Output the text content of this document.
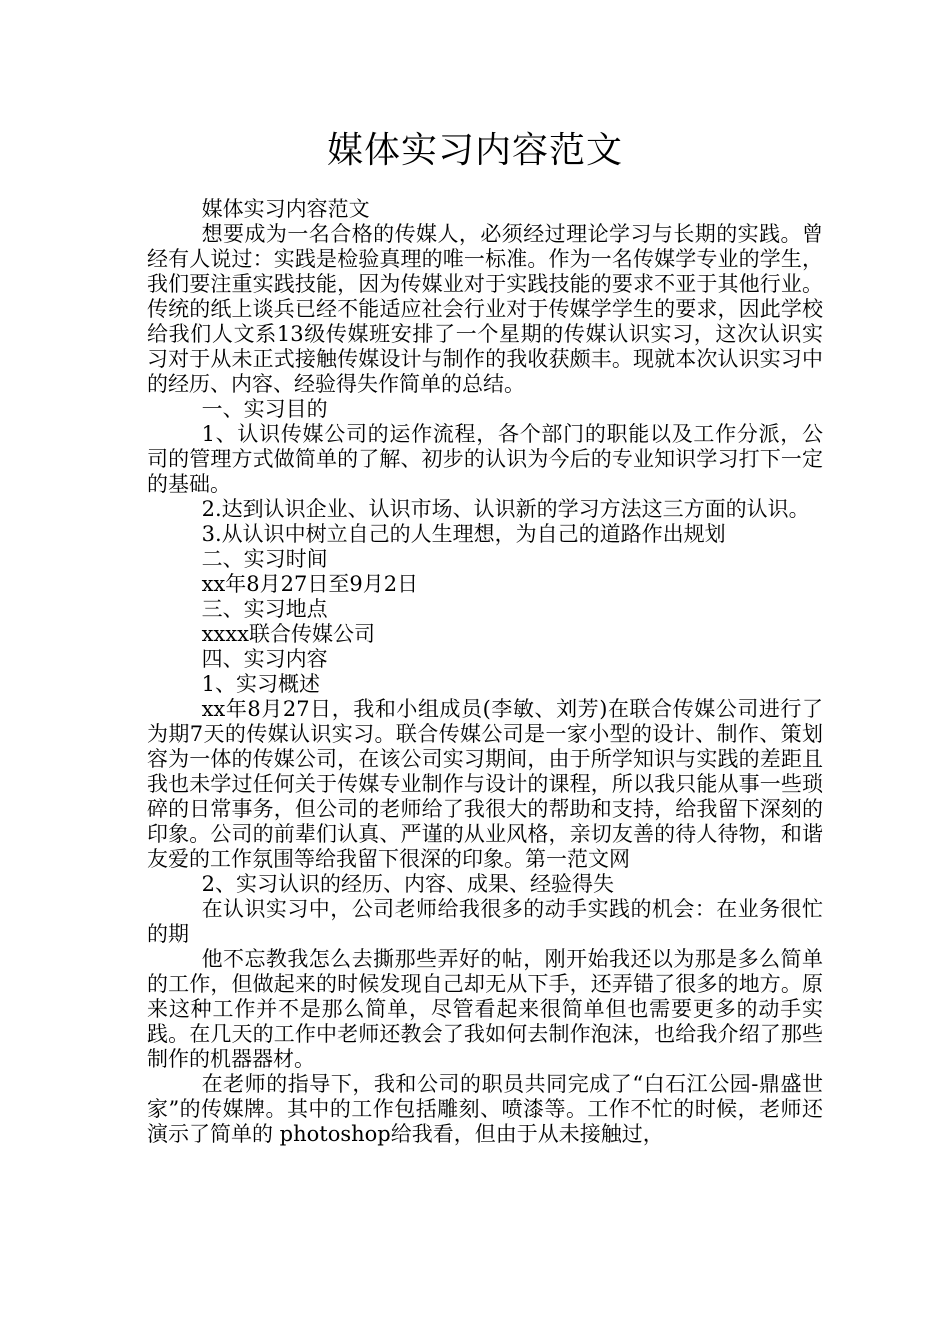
媒体实习内容范文

媒体实习内容范文

想要成为一名合格的传媒人，必须经过理论学习与长期的实践。曾经有人说过：实践是检验真理的唯一标准。作为一名传媒学专业的学生，我们要注重实践技能，因为传媒业对于实践技能的要求不亚于其他行业。传统的纸上谈兵已经不能适应社会行业对于传媒学学生的要求，因此学校给我们人文系13级传媒班安排了一个星期的传媒认识实习，这次认识实习对于从未正式接触传媒设计与制作的我收获颇丰。现就本次认识实习中的经历、内容、经验得失作简单的总结。

一、实习目的

1、认识传媒公司的运作流程，各个部门的职能以及工作分派，公司的管理方式做简单的了解、初步的认识为今后的专业知识学习打下一定的基础。

2.达到认识企业、认识市场、认识新的学习方法这三方面的认识。

3.从认识中树立自己的人生理想，为自己的道路作出规划

二、实习时间

xx年8月27日至9月2日

三、实习地点

xxxx联合传媒公司

四、实习内容

1、实习概述

xx年8月27日，我和小组成员(李敏、刘芳)在联合传媒公司进行了为期7天的传媒认识实习。联合传媒公司是一家小型的设计、制作、策划容为一体的传媒公司，在该公司实习期间，由于所学知识与实践的差距且我也未学过任何关于传媒专业制作与设计的课程，所以我只能从事一些琐碎的日常事务，但公司的老师给了我很大的帮助和支持，给我留下深刻的印象。公司的前辈们认真、严谨的从业风格，亲切友善的待人待物，和谐友爱的工作氛围等给我留下很深的印象。第一范文网

2、实习认识的经历、内容、成果、经验得失

在认识实习中，公司老师给我很多的动手实践的机会：在业务很忙的期

他不忘教我怎么去撕那些弄好的帖，刚开始我还以为那是多么简单的工作，但做起来的时候发现自己却无从下手，还弄错了很多的地方。原来这种工作并不是那么简单，尽管看起来很简单但也需要更多的动手实践。在几天的工作中老师还教会了我如何去制作泡沫，也给我介绍了那些制作的机器器材。

在老师的指导下，我和公司的职员共同完成了“白石江公园-鼎盛世家”的传媒牌。其中的工作包括雕刻、喷漆等。工作不忙的时候，老师还演示了简单的 photoshop给我看，但由于从未接触过，
